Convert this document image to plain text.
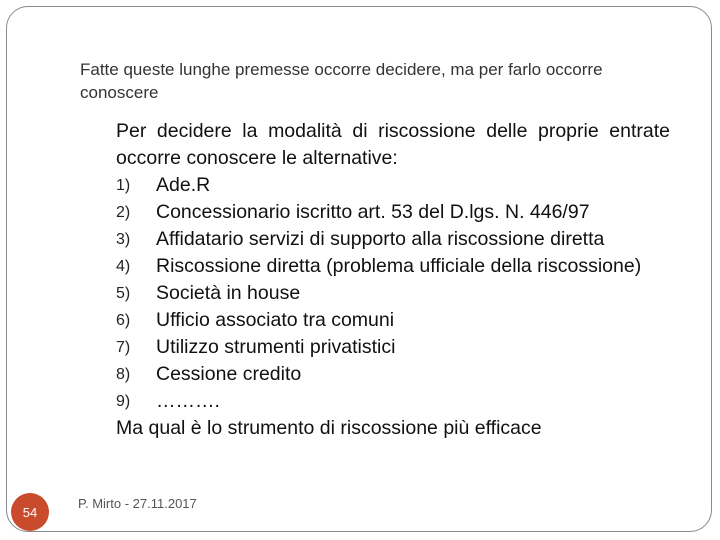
Fatte queste lunghe premesse occorre decidere, ma per farlo occorre conoscere
Per decidere la modalità di riscossione delle proprie entrate occorre conoscere le alternative:
1) Ade.R
2) Concessionario iscritto art. 53 del D.lgs. N. 446/97
3) Affidatario servizi di supporto alla riscossione diretta
4) Riscossione diretta (problema ufficiale della riscossione)
5) Società in house
6) Ufficio associato tra comuni
7) Utilizzo strumenti privatistici
8) Cessione credito
9) ……….
Ma qual è lo strumento di riscossione più efficace
54
P. Mirto - 27.11.2017
